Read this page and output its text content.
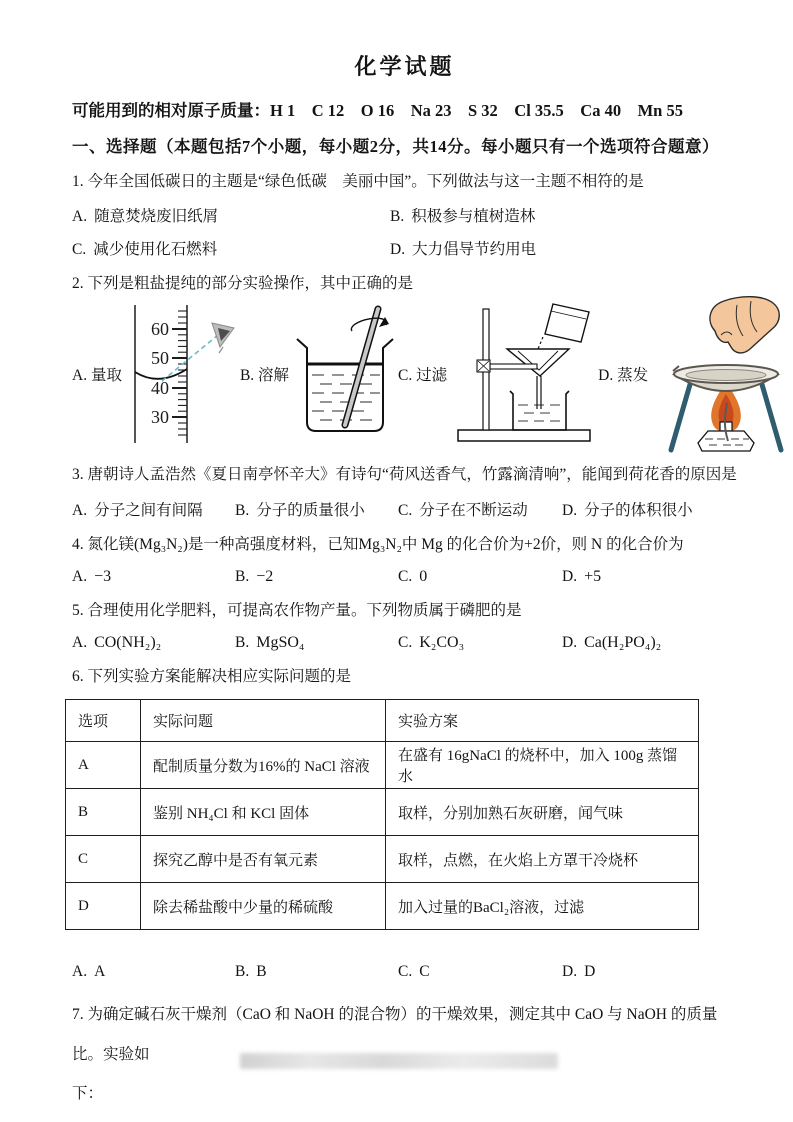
化学试题

可能用到的相对原子质量：H 1　C 12　O 16　Na 23　S 32　Cl 35.5　Ca 40　Mn 55

一、选择题（本题包括7个小题，每小题2分，共14分。每小题只有一个选项符合题意）

1. 今年全国低碳日的主题是“绿色低碳　美丽中国”。下列做法与这一主题不相符的是

A. 随意焚烧废旧纸屑	B. 积极参与植树造林
C. 减少使用化石燃料	D. 大力倡导节约用电

2. 下列是粗盐提纯的部分实验操作，其中正确的是

A. 量取
60
50
40
30
B. 溶解	C. 过滤	D. 蒸发

3. 唐朝诗人孟浩然《夏日南亭怀辛大》有诗句“荷风送香气，竹露滴清响”，能闻到荷花香的原因是

A. 分子之间有间隔	B. 分子的质量很小	C. 分子在不断运动	D. 分子的体积很小

4. 氮化镁(Mg₃N₂)是一种高强度材料，已知Mg₃N₂中 Mg 的化合价为+2价，则 N 的化合价为

A. −3	B. −2	C. 0	D. +5

5. 合理使用化学肥料，可提高农作物产量。下列物质属于磷肥的是

A. CO(NH₂)₂	B. MgSO₄	C. K₂CO₃	D. Ca(H₂PO₄)₂

6. 下列实验方案能解决相应实际问题的是

选项	实际问题	实验方案
A	配制质量分数为16%的 NaCl 溶液	在盛有 16gNaCl 的烧杯中，加入 100g 蒸馏水
B	鉴别 NH₄Cl 和 KCl 固体	取样，分别加熟石灰研磨，闻气味
C	探究乙醇中是否有氧元素	取样，点燃，在火焰上方罩干冷烧杯
D	除去稀盐酸中少量的稀硫酸	加入过量的BaCl₂溶液，过滤
A. A	B. B	C. C	D. D

7. 为确定碱石灰干燥剂（CaO 和 NaOH 的混合物）的干燥效果，测定其中 CaO 与 NaOH 的质量比。实验如
下：
